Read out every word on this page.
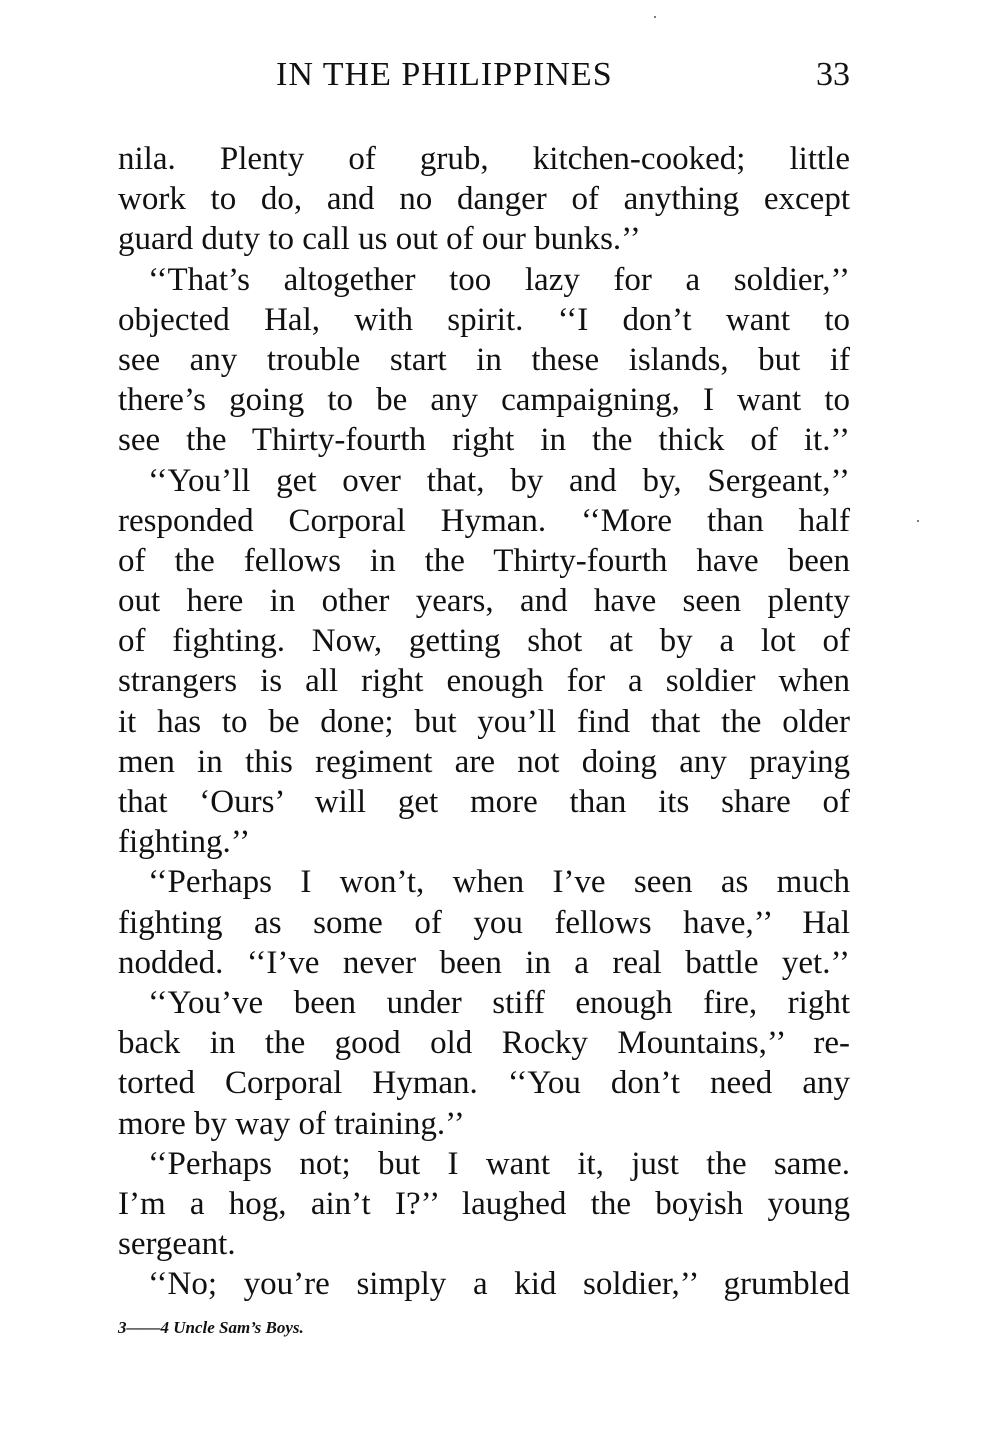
IN THE PHILIPPINES	33
nila. Plenty of grub, kitchen-cooked; little
work to do, and no danger of anything except
guard duty to call us out of our bunks.’’
‘‘That’s altogether too lazy for a soldier,’’
objected Hal, with spirit. ‘‘I don’t want to
see any trouble start in these islands, but if
there’s going to be any campaigning, I want to
see the Thirty-fourth right in the thick of it.’’
‘‘You’ll get over that, by and by, Sergeant,’’
responded Corporal Hyman. ‘‘More than half
of the fellows in the Thirty-fourth have been
out here in other years, and have seen plenty
of fighting. Now, getting shot at by a lot of
strangers is all right enough for a soldier when
it has to be done; but you’ll find that the older
men in this regiment are not doing any praying
that ‘Ours’ will get more than its share of
fighting.’’
‘‘Perhaps I won’t, when I’ve seen as much
fighting as some of you fellows have,’’ Hal
nodded. ‘‘I’ve never been in a real battle yet.’’
‘‘You’ve been under stiff enough fire, right
back in the good old Rocky Mountains,’’ re-
torted Corporal Hyman. ‘‘You don’t need any
more by way of training.’’
‘‘Perhaps not; but I want it, just the same.
I’m a hog, ain’t I?’’ laughed the boyish young
sergeant.
‘‘No; you’re simply a kid soldier,’’ grumbled
3——4 Uncle Sam’s Boys.
